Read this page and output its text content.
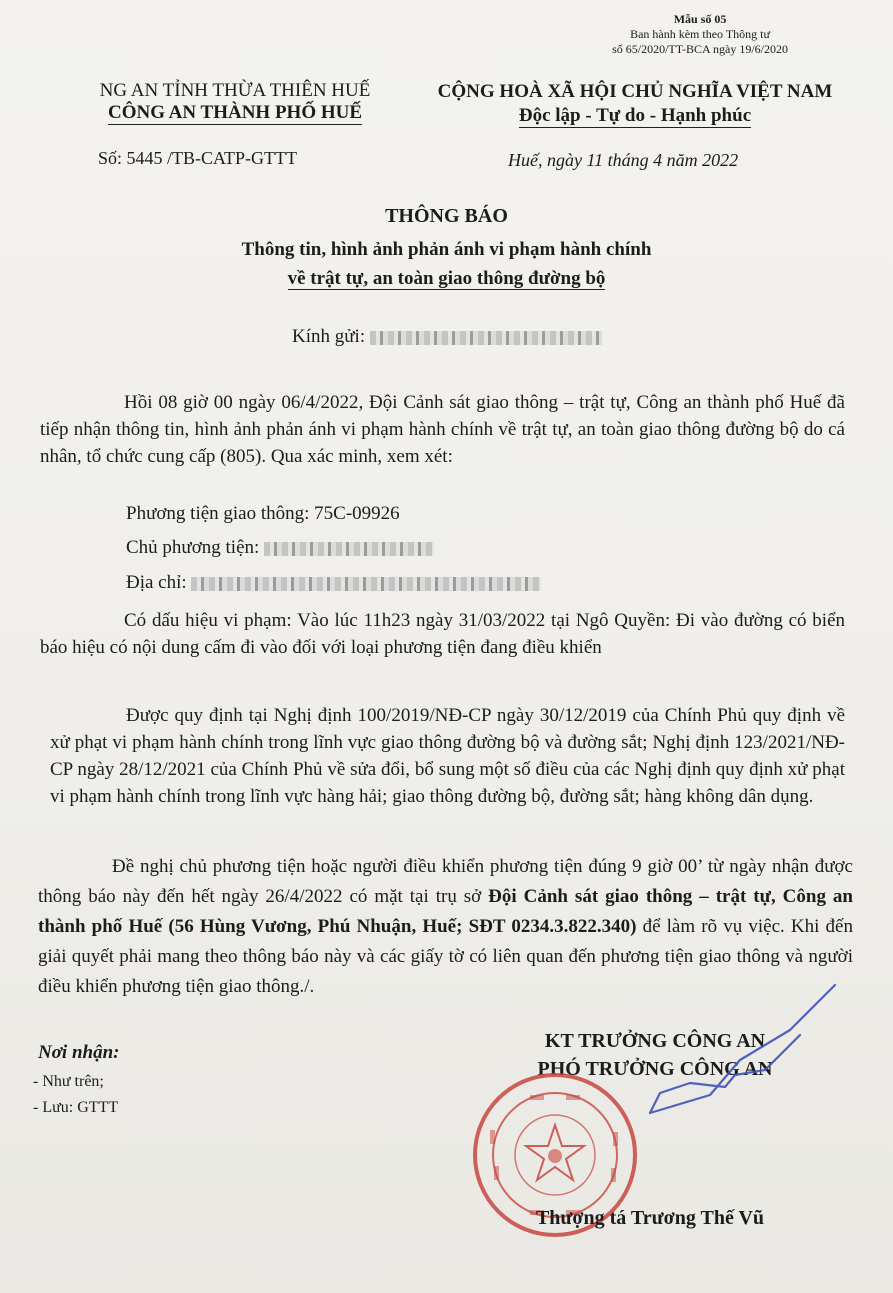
Mẫu số 05
Ban hành kèm theo Thông tư
số 65/2020/TT-BCA ngày 19/6/2020
NG AN TỈNH THỪA THIÊN HUẾ
CÔNG AN THÀNH PHỐ HUẾ
CỘNG HOÀ XÃ HỘI CHỦ NGHĨA VIỆT NAM
Độc lập - Tự do - Hạnh phúc
Số: 5445 /TB-CATP-GTTT	Huế, ngày 11 tháng 4 năm 2022
THÔNG BÁO
Thông tin, hình ảnh phản ánh vi phạm hành chính
về trật tự, an toàn giao thông đường bộ
Kính gửi:
Hồi 08 giờ 00 ngày 06/4/2022, Đội Cảnh sát giao thông – trật tự, Công an thành phố Huế đã tiếp nhận thông tin, hình ảnh phản ánh vi phạm hành chính về trật tự, an toàn giao thông đường bộ do cá nhân, tổ chức cung cấp (805). Qua xác minh, xem xét:
Phương tiện giao thông: 75C-09926
Chủ phương tiện:
Địa chỉ:
Có dấu hiệu vi phạm: Vào lúc 11h23 ngày 31/03/2022 tại Ngô Quyền: Đi vào đường có biển báo hiệu có nội dung cấm đi vào đối với loại phương tiện đang điều khiển
Được quy định tại Nghị định 100/2019/NĐ-CP ngày 30/12/2019 của Chính Phủ quy định về xử phạt vi phạm hành chính trong lĩnh vực giao thông đường bộ và đường sắt; Nghị định 123/2021/NĐ-CP ngày 28/12/2021 của Chính Phủ về sửa đổi, bổ sung một số điều của các Nghị định quy định xử phạt vi phạm hành chính trong lĩnh vực hàng hải; giao thông đường bộ, đường sắt; hàng không dân dụng.
Đề nghị chủ phương tiện hoặc người điều khiển phương tiện đúng 9 giờ 00’ từ ngày nhận được thông báo này đến hết ngày 26/4/2022 có mặt tại trụ sở Đội Cảnh sát giao thông – trật tự, Công an thành phố Huế (56 Hùng Vương, Phú Nhuận, Huế; SĐT 0234.3.822.340) để làm rõ vụ việc. Khi đến giải quyết phải mang theo thông báo này và các giấy tờ có liên quan đến phương tiện giao thông và người điều khiển phương tiện giao thông./.
Nơi nhận:
- Như trên;
- Lưu: GTTT
KT TRƯỞNG CÔNG AN
PHÓ TRƯỞNG CÔNG AN
Thượng tá Trương Thế Vũ
